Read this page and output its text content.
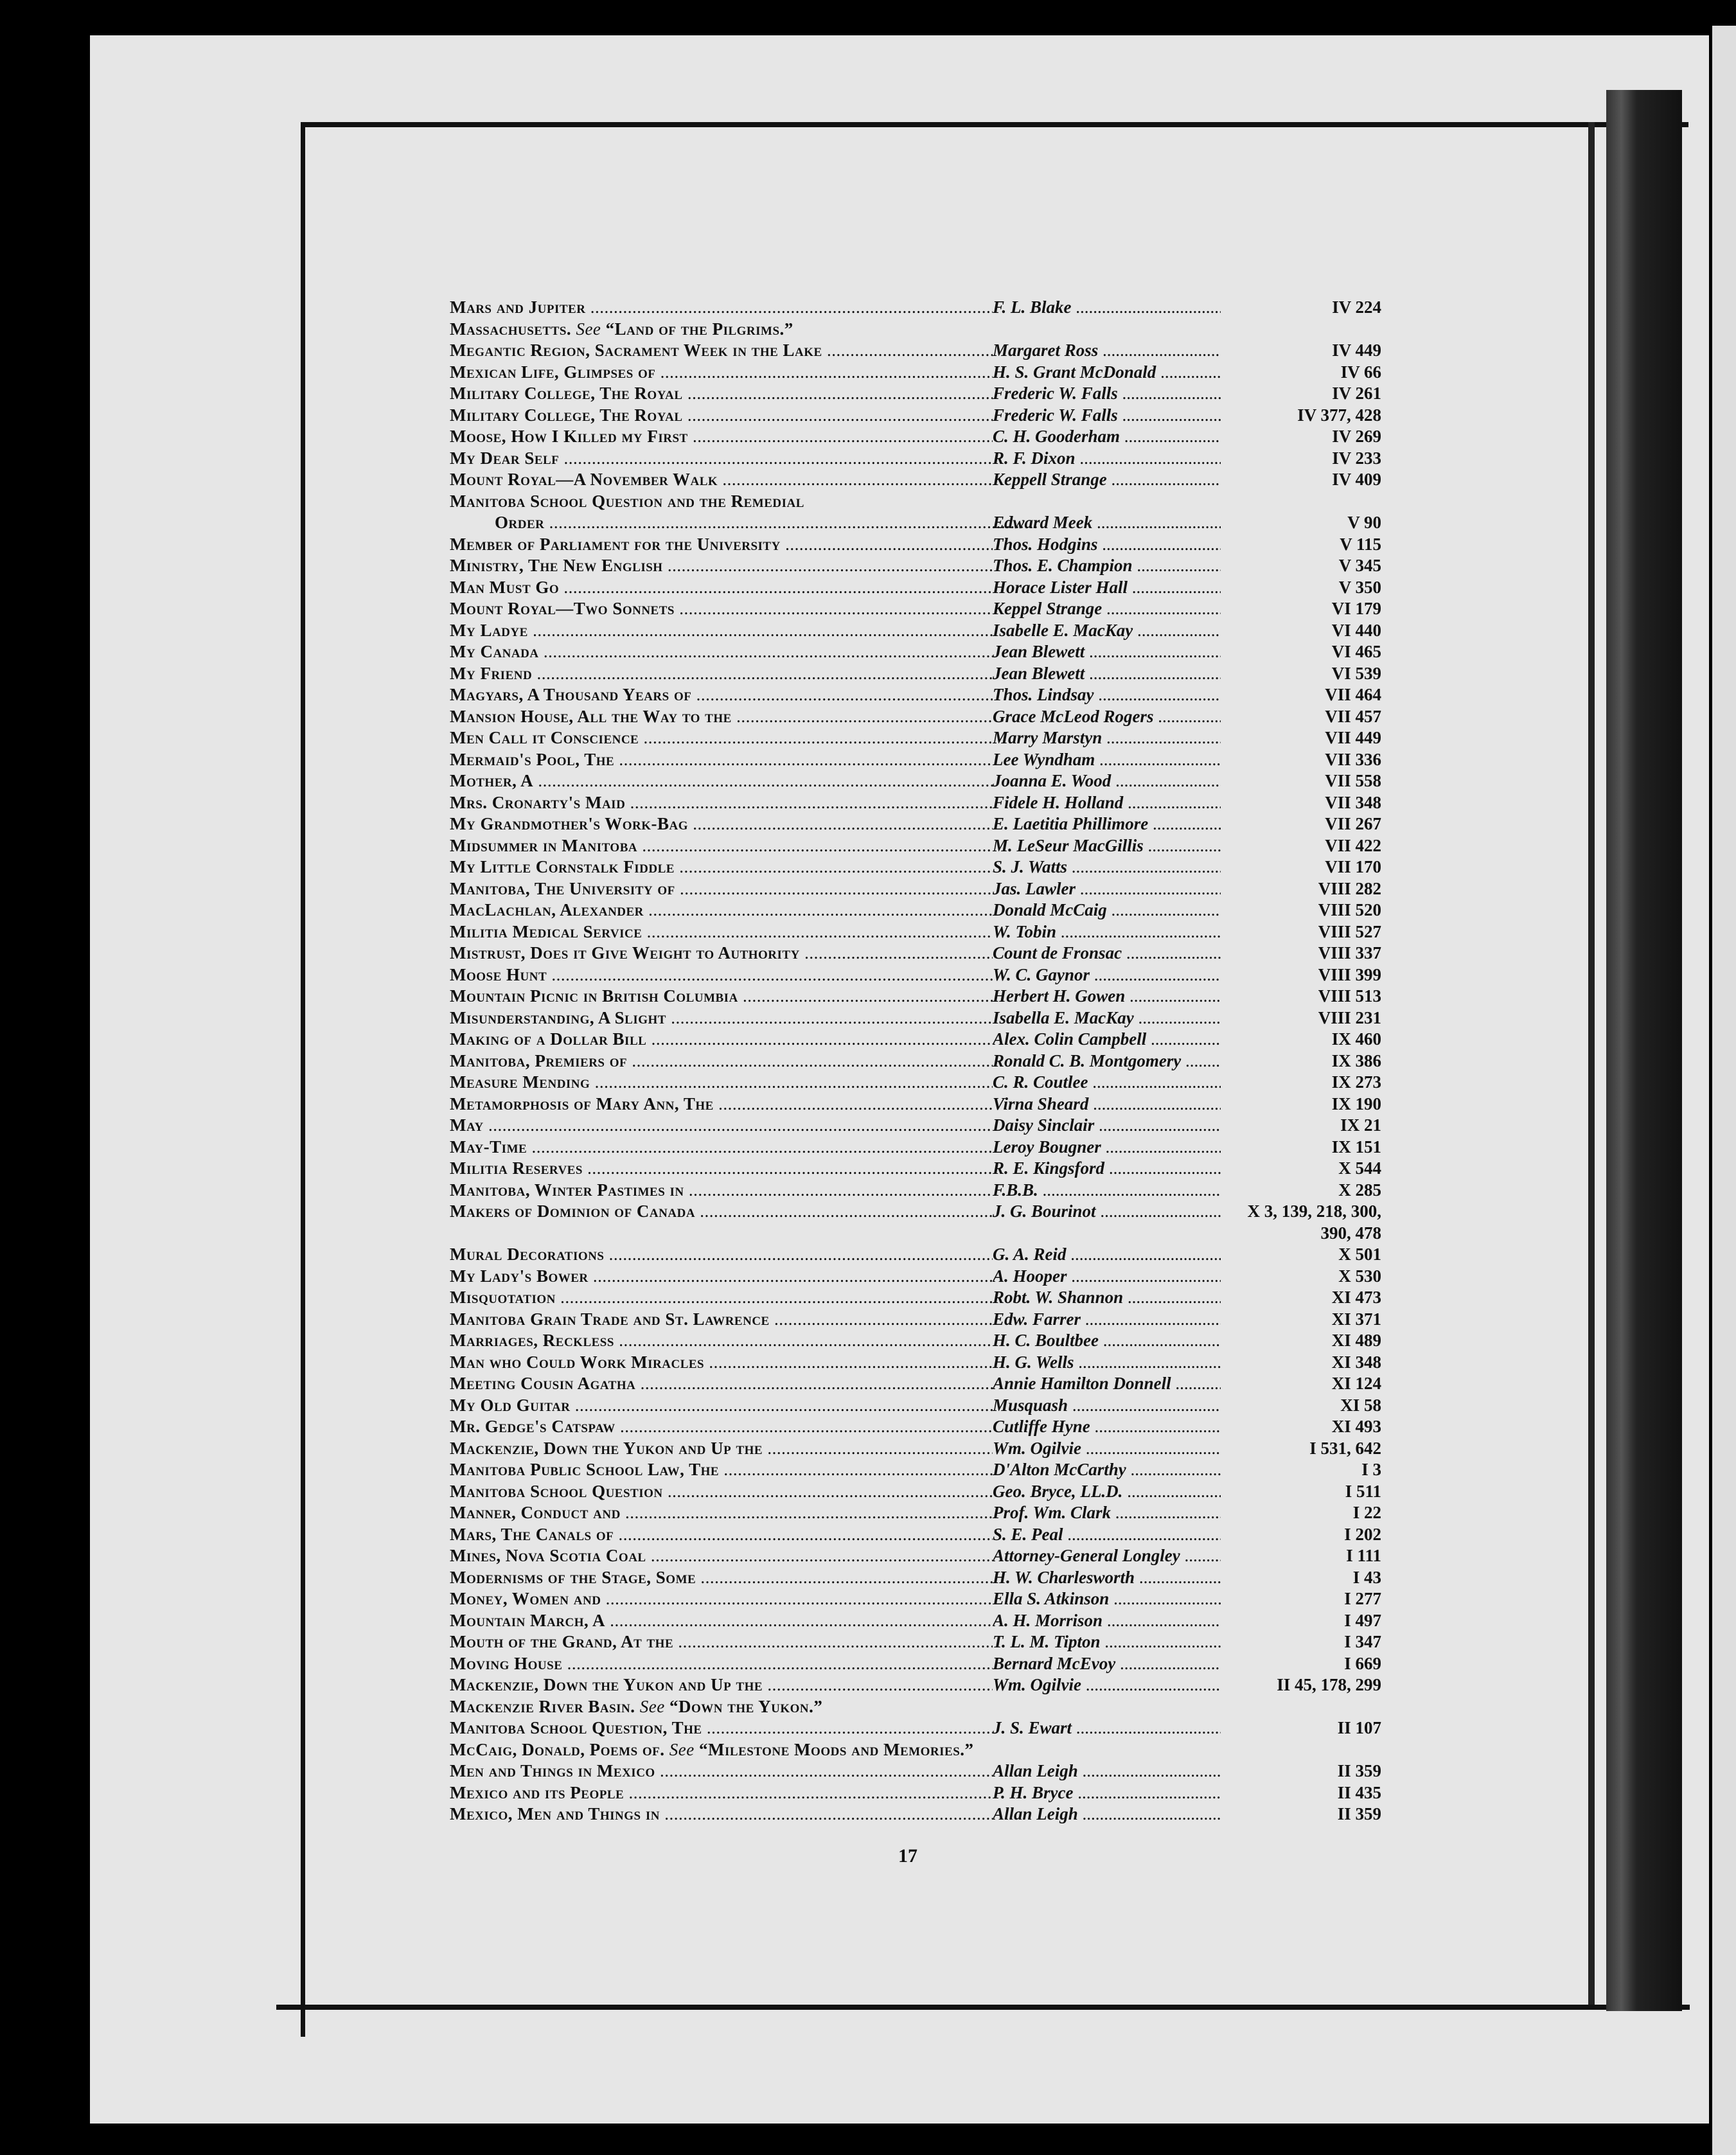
Mars and Jupiter .....	F. L. Blake .....	IV 224
Massachusetts. See “Land of the Pilgrims.”
Megantic Region, Sacrament Week in the Lake .....	Margaret Ross .....	IV 449
Mexican Life, Glimpses of .....	H. S. Grant McDonald .....	IV 66
Military College, The Royal .....	Frederic W. Falls .....	IV 261
Military College, The Royal .....	Frederic W. Falls .....	IV 377, 428
Moose, How I Killed my First .....	C. H. Gooderham .....	IV 269
My Dear Self .....	R. F. Dixon .....	IV 233
Mount Royal—A November Walk .....	Keppell Strange .....	IV 409
Manitoba School Question and the Remedial
Order .....	Edward Meek .....	V 90
Member of Parliament for the University .....	Thos. Hodgins .....	V 115
Ministry, The New English .....	Thos. E. Champion .....	V 345
Man Must Go .....	Horace Lister Hall .....	V 350
Mount Royal—Two Sonnets .....	Keppel Strange .....	VI 179
My Ladye .....	Isabelle E. MacKay .....	VI 440
My Canada .....	Jean Blewett .....	VI 465
My Friend .....	Jean Blewett .....	VI 539
Magyars, A Thousand Years of .....	Thos. Lindsay .....	VII 464
Mansion House, All the Way to the .....	Grace McLeod Rogers .....	VII 457
Men Call it Conscience .....	Marry Marstyn .....	VII 449
Mermaid's Pool, The .....	Lee Wyndham .....	VII 336
Mother, A .....	Joanna E. Wood .....	VII 558
Mrs. Cronarty's Maid .....	Fidele H. Holland .....	VII 348
My Grandmother's Work-Bag .....	E. Laetitia Phillimore .....	VII 267
Midsummer in Manitoba .....	M. LeSeur MacGillis .....	VII 422
My Little Cornstalk Fiddle .....	S. J. Watts .....	VII 170
Manitoba, The University of .....	Jas. Lawler .....	VIII 282
MacLachlan, Alexander .....	Donald McCaig .....	VIII 520
Militia Medical Service .....	W. Tobin .....	VIII 527
Mistrust, Does it Give Weight to Authority .....	Count de Fronsac .....	VIII 337
Moose Hunt .....	W. C. Gaynor .....	VIII 399
Mountain Picnic in British Columbia .....	Herbert H. Gowen .....	VIII 513
Misunderstanding, A Slight .....	Isabella E. MacKay .....	VIII 231
Making of a Dollar Bill .....	Alex. Colin Campbell .....	IX 460
Manitoba, Premiers of .....	Ronald C. B. Montgomery .....	IX 386
Measure Mending .....	C. R. Coutlee .....	IX 273
Metamorphosis of Mary Ann, The .....	Virna Sheard .....	IX 190
May .....	Daisy Sinclair .....	IX 21
May-Time .....	Leroy Bougner .....	IX 151
Militia Reserves .....	R. E. Kingsford .....	X 544
Manitoba, Winter Pastimes in .....	F.B.B. .....	X 285
Makers of Dominion of Canada .....	J. G. Bourinot .....	X 3, 139, 218, 300,
390, 478
Mural Decorations .....	G. A. Reid .....	X 501
My Lady's Bower .....	A. Hooper .....	X 530
Misquotation .....	Robt. W. Shannon .....	XI 473
Manitoba Grain Trade and St. Lawrence .....	Edw. Farrer .....	XI 371
Marriages, Reckless .....	H. C. Boultbee .....	XI 489
Man who Could Work Miracles .....	H. G. Wells .....	XI 348
Meeting Cousin Agatha .....	Annie Hamilton Donnell .....	XI 124
My Old Guitar .....	Musquash .....	XI 58
Mr. Gedge's Catspaw .....	Cutliffe Hyne .....	XI 493
Mackenzie, Down the Yukon and Up the .....	Wm. Ogilvie .....	I 531, 642
Manitoba Public School Law, The .....	D'Alton McCarthy .....	I 3
Manitoba School Question .....	Geo. Bryce, LL.D. .....	I 511
Manner, Conduct and .....	Prof. Wm. Clark .....	I 22
Mars, The Canals of .....	S. E. Peal .....	I 202
Mines, Nova Scotia Coal .....	Attorney-General Longley .....	I 111
Modernisms of the Stage, Some .....	H. W. Charlesworth .....	I 43
Money, Women and .....	Ella S. Atkinson .....	I 277
Mountain March, A .....	A. H. Morrison .....	I 497
Mouth of the Grand, At the .....	T. L. M. Tipton .....	I 347
Moving House .....	Bernard McEvoy .....	I 669
Mackenzie, Down the Yukon and Up the .....	Wm. Ogilvie .....	II 45, 178, 299
Mackenzie River Basin. See “Down the Yukon.”
Manitoba School Question, The .....	J. S. Ewart .....	II 107
McCaig, Donald, Poems of. See “Milestone Moods and Memories.”
Men and Things in Mexico .....	Allan Leigh .....	II 359
Mexico and its People .....	P. H. Bryce .....	II 435
Mexico, Men and Things in .....	Allan Leigh .....	II 359
17
